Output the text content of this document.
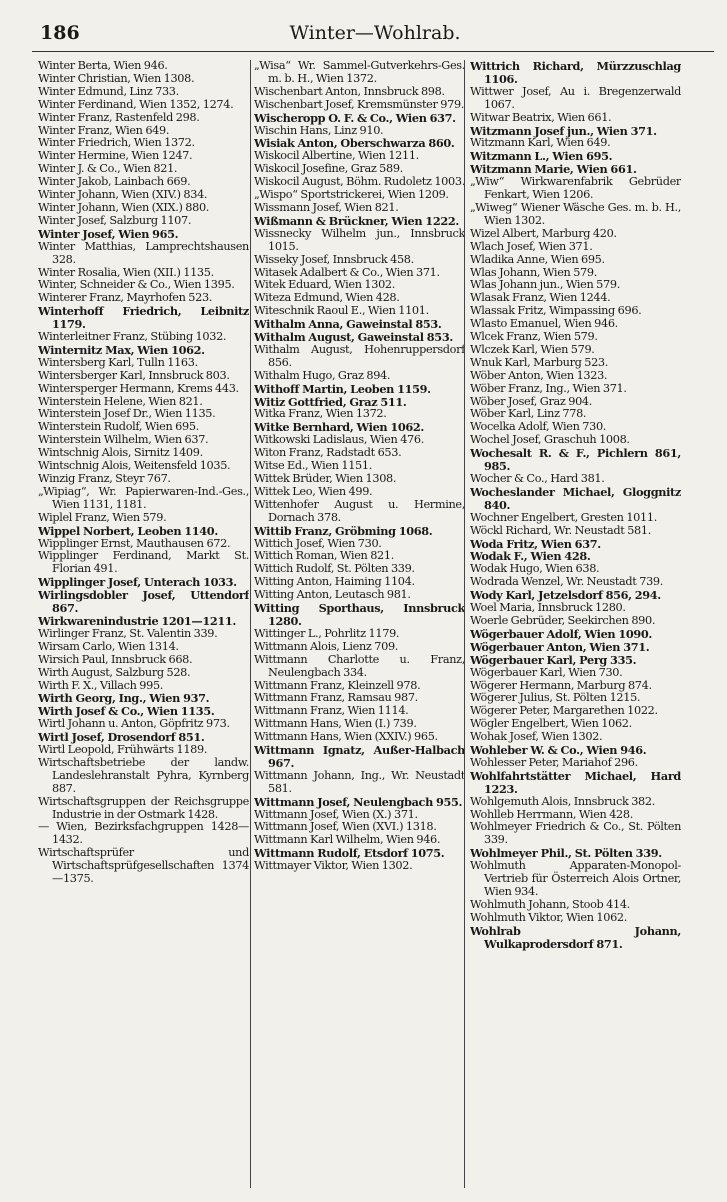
186	Winter—Wohlrab.

Winter Berta, Wien 946.

Winter Christian, Wien 1308.

Winter Edmund, Linz 733.

Winter Ferdinand, Wien 1352, 1274.

Winter Franz, Rastenfeld 298.

Winter Franz, Wien 649.

Winter Friedrich, Wien 1372.

Winter Hermine, Wien 1247.

Winter J. & Co., Wien 821.

Winter Jakob, Lainbach 669.

Winter Johann, Wien (XIV.) 834.

Winter Johann, Wien (XIX.) 880.

Winter Josef, Salzburg 1107.

Winter Josef, Wien 965.

Winter Matthias, Lamprechtshausen 328.

Winter Rosalia, Wien (XII.) 1135.

Winter, Schneider & Co., Wien 1395.

Winterer Franz, Mayrhofen 523.

Winterhoff Friedrich, Leibnitz 1179.

Winterleitner Franz, Stübing 1032.

Winternitz Max, Wien 1062.

Wintersberg Karl, Tulln 1163.

Wintersberger Karl, Innsbruck 803.

Wintersperger Hermann, Krems 443.

Winterstein Helene, Wien 821.

Winterstein Josef Dr., Wien 1135.

Winterstein Rudolf, Wien 695.

Winterstein Wilhelm, Wien 637.

Wintschnig Alois, Sirnitz 1409.

Wintschnig Alois, Weitensfeld 1035.

Winzig Franz, Steyr 767.

„Wipiag“, Wr. Papierwaren-Ind.-Ges., Wien 1131, 1181.

Wiplel Franz, Wien 579.

Wippel Norbert, Leoben 1140.

Wipplinger Ernst, Mauthausen 672.

Wipplinger Ferdinand, Markt St. Florian 491.

Wipplinger Josef, Unterach 1033.

Wirlingsdobler Josef, Uttendorf 867.

Wirkwarenindustrie 1201—1211.

Wirlinger Franz, St. Valentin 339.

Wirsam Carlo, Wien 1314.

Wirsich Paul, Innsbruck 668.

Wirth August, Salzburg 528.

Wirth F. X., Villach 995.

Wirth Georg, Ing., Wien 937.

Wirth Josef & Co., Wien 1135.

Wirtl Johann u. Anton, Göpfritz 973.

Wirtl Josef, Drosendorf 851.

Wirtl Leopold, Frühwärts 1189.

Wirtschaftsbetriebe der landw. Landeslehranstalt Pyhra, Kyrnberg 887.

Wirtschaftsgruppen der Reichsgruppe Industrie in der Ostmark 1428.

— Wien, Bezirksfachgruppen 1428—1432.

Wirtschaftsprüfer und Wirtschaftsprüfgesellschaften 1374—1375.

„Wisa“ Wr. Sammel-Gutverkehrs-Ges. m. b. H., Wien 1372.

Wischenbart Anton, Innsbruck 898.

Wischenbart Josef, Kremsmünster 979.

Wischeropp O. F. & Co., Wien 637.

Wischin Hans, Linz 910.

Wisiak Anton, Oberschwarza 860.

Wiskocil Albertine, Wien 1211.

Wiskocil Josefine, Graz 589.

Wiskocil August, Böhm. Rudoletz 1003.

„Wispo“ Sportstrickerei, Wien 1209.

Wissmann Josef, Wien 821.

Wißmann & Brückner, Wien 1222.

Wissnecky Wilhelm jun., Innsbruck 1015.

Wisseky Josef, Innsbruck 458.

Witasek Adalbert & Co., Wien 371.

Witek Eduard, Wien 1302.

Witeza Edmund, Wien 428.

Witeschnik Raoul E., Wien 1101.

Withalm Anna, Gaweinstal 853.

Withalm August, Gaweinstal 853.

Withalm August, Hohenruppersdorf 856.

Withalm Hugo, Graz 894.

Withoff Martin, Leoben 1159.

Witiz Gottfried, Graz 511.

Witka Franz, Wien 1372.

Witke Bernhard, Wien 1062.

Witkowski Ladislaus, Wien 476.

Witon Franz, Radstadt 653.

Witse Ed., Wien 1151.

Wittek Brüder, Wien 1308.

Wittek Leo, Wien 499.

Wittenhofer August u. Hermine, Dornach 378.

Wittib Franz, Gröbming 1068.

Wittich Josef, Wien 730.

Wittich Roman, Wien 821.

Wittich Rudolf, St. Pölten 339.

Witting Anton, Haiming 1104.

Witting Anton, Leutasch 981.

Witting Sporthaus, Innsbruck 1280.

Wittinger L., Pohrlitz 1179.

Wittmann Alois, Lienz 709.

Wittmann Charlotte u. Franz, Neulengbach 334.

Wittmann Franz, Kleinzell 978.

Wittmann Franz, Ramsau 987.

Wittmann Franz, Wien 1114.

Wittmann Hans, Wien (I.) 739.

Wittmann Hans, Wien (XXIV.) 965.

Wittmann Ignatz, Außer-Halbach 967.

Wittmann Johann, Ing., Wr. Neustadt 581.

Wittmann Josef, Neulengbach 955.

Wittmann Josef, Wien (X.) 371.

Wittmann Josef, Wien (XVI.) 1318.

Wittmann Karl Wilhelm, Wien 946.

Wittmann Rudolf, Etsdorf 1075.

Wittmayer Viktor, Wien 1302.

Wittrich Richard, Mürzzuschlag 1106.

Wittwer Josef, Au i. Bregenzerwald 1067.

Witwar Beatrix, Wien 661.

Witzmann Josef jun., Wien 371.

Witzmann Karl, Wien 649.

Witzmann L., Wien 695.

Witzmann Marie, Wien 661.

„Wiw“ Wirkwarenfabrik Gebrüder Fenkart, Wien 1206.

„Wiweg“ Wiener Wäsche Ges. m. b. H., Wien 1302.

Wizel Albert, Marburg 420.

Wlach Josef, Wien 371.

Wladika Anne, Wien 695.

Wlas Johann, Wien 579.

Wlas Johann jun., Wien 579.

Wlasak Franz, Wien 1244.

Wlassak Fritz, Wimpassing 696.

Wlasto Emanuel, Wien 946.

Wlcek Franz, Wien 579.

Wlczek Karl, Wien 579.

Wnuk Karl, Marburg 523.

Wöber Anton, Wien 1323.

Wöber Franz, Ing., Wien 371.

Wöber Josef, Graz 904.

Wöber Karl, Linz 778.

Wocelka Adolf, Wien 730.

Wochel Josef, Graschuh 1008.

Wochesalt R. & F., Pichlern 861, 985.

Wocher & Co., Hard 381.

Wocheslander Michael, Gloggnitz 840.

Wochner Engelbert, Gresten 1011.

Wöckl Richard, Wr. Neustadt 581.

Woda Fritz, Wien 637.

Wodak F., Wien 428.

Wodak Hugo, Wien 638.

Wodrada Wenzel, Wr. Neustadt 739.

Wody Karl, Jetzelsdorf 856, 294.

Woel Maria, Innsbruck 1280.

Woerle Gebrüder, Seekirchen 890.

Wögerbauer Adolf, Wien 1090.

Wögerbauer Anton, Wien 371.

Wögerbauer Karl, Perg 335.

Wögerbauer Karl, Wien 730.

Wögerer Hermann, Marburg 874.

Wögerer Julius, St. Pölten 1215.

Wögerer Peter, Margarethen 1022.

Wögler Engelbert, Wien 1062.

Wohak Josef, Wien 1302.

Wohleber W. & Co., Wien 946.

Wohlesser Peter, Mariahof 296.

Wohlfahrtstätter Michael, Hard 1223.

Wohlgemuth Alois, Innsbruck 382.

Wohlleb Herrmann, Wien 428.

Wohlmeyer Friedrich & Co., St. Pölten 339.

Wohlmeyer Phil., St. Pölten 339.

Wohlmuth Apparaten-Monopol-Vertrieb für Österreich Alois Ortner, Wien 934.

Wohlmuth Johann, Stoob 414.

Wohlmuth Viktor, Wien 1062.

Wohlrab Johann, Wulkaprodersdorf 871.
